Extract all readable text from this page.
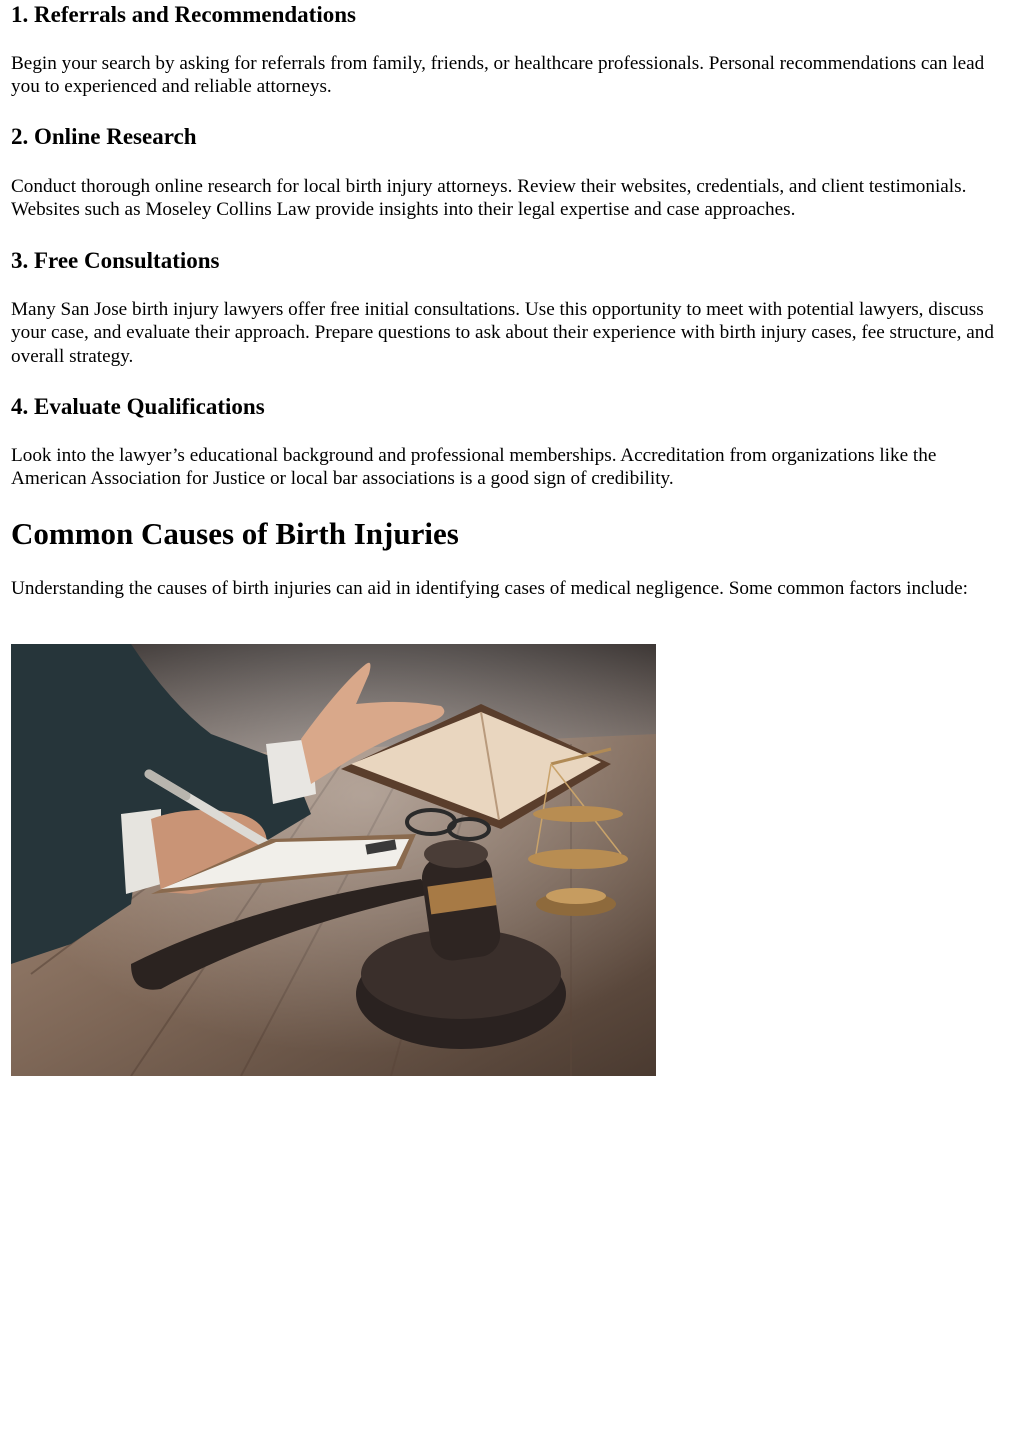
1. Referrals and Recommendations

Begin your search by asking for referrals from family, friends, or healthcare professionals. Personal recommendations can lead you to experienced and reliable attorneys.

2. Online Research

Conduct thorough online research for local birth injury attorneys. Review their websites, credentials, and client testimonials. Websites such as Moseley Collins Law provide insights into their legal expertise and case approaches.

3. Free Consultations

Many San Jose birth injury lawyers offer free initial consultations. Use this opportunity to meet with potential lawyers, discuss your case, and evaluate their approach. Prepare questions to ask about their experience with birth injury cases, fee structure, and overall strategy.

4. Evaluate Qualifications

Look into the lawyer’s educational background and professional memberships. Accreditation from organizations like the American Association for Justice or local bar associations is a good sign of credibility.

Common Causes of Birth Injuries

Understanding the causes of birth injuries can aid in identifying cases of medical negligence. Some common factors include:
